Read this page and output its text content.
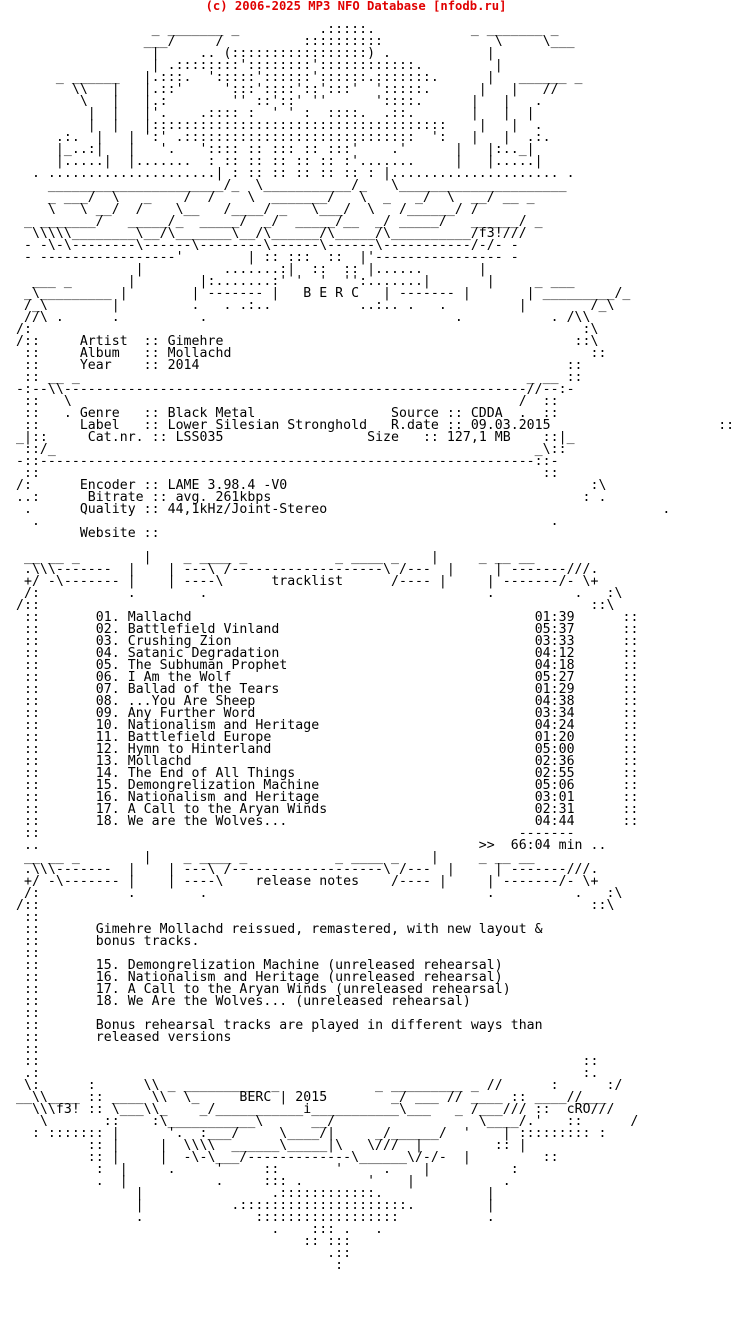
(c) 2006-2025 MP3 NFO Database [nfodb.ru]
_ _______ _          .:::::.            _ _______ _
___/     /          ::::::::::              \     \___
|     .. (:::::::::::::::::) .            |
| .::::::::'::::::::'::::::::::::.         |
_ ______   |.:::.  ':::::'::::::'::::::.:::::::.      |   ______ _
\\   |   |.::'     ':::'::::'::':::'  ':::::.      |   |   //
\   |   |.:        '' ::'::' ''      '::::.      |   |   .
|  |   |'.    .:::: :  ' ' :  ::::.  .::.       |   |  |
|  |   |:::::::::::::::::::::::::::::::::::::    |   |  .
.:.  |   | ':' .:::::::::::::::::::::::::::::  ':   |   |  .:.
|_..:|   |   '.   ':::: :: ::: :: :::'    .'      |   |:.._|
|.....|  |.......  : :: :: :: :: :: :'.......     |   |.....|
. .....................| : :: :: :: :: :: : |..................... .
______________________/_  \___________/_   \_____________________
_ ___/  \   _    /  /    \  _______/   \  _   _/  \  __/ __ _
\   \ __/  /    \__   /____/ _   \___/  \   /______/ /
_ _______/   _____/_  _____/  _/  _____/__  _/ _____/   ______/ _
\\\\\________\__/\_______\__/\______/\_____/\__________/f3!///
- -\-\--------\------\--------\------\------\-----------/-/- -
- -----------------'        | :: :::  ::  |'---------------- -
|          .......:|  ::  :: |......       |
___ _       |        |:.......:' '  '  '':.......|       |     _ ___
_\_________ |        | ------- |   B E R C   | ------- |       | _________/_
/_\        |         .   . .:..           ..:.. .   .         |        /_\
//\ .      .          .                               .           . /\\
/:                                                                     :\
/::     Artist  :: Gimehre                                            ::\
::     Album   :: Mollachd                                             ::
::     Year    :: 2014                                              ::
:: __ _                                                        _ __ ::
-:--\\----------------------------------------------------------//--:-
::   \                                                        /  ::
::   . Genre   :: Black Metal                 Source :: CDDA  .  ::
::     Label   :: Lower Silesian Stronghold   R.date :: 09.03.2015                     ::
_|::     Cat.nr. :: LSS035                  Size   :: 127,1 MB    ::|_
::/_                                                            _\::
-::--------------------------------------------------------------::-
::                                                               ::
/:      Encoder :: LAME 3.98.4 -V0                                      :\
..:      Bitrate :: avg. 261kbps                                       : .
.      Quality :: 44,1kHz/Joint-Stereo                                          .
.                                                                .
Website ::
__ __ _        |    _ ____ _           _ ____ _    |     _ __ __
.\\\-------  |    | ---\ /-------------------\ /---  |     | -------///.
+/ -\------- |    | ----\      tracklist      /---- |     | -------/- \+
/:           .        .                                   .          .   :\
/::                                                                     ::\
::       01. Mallachd	01:39      ::
::       02. Battlefield Vinland	05:37      ::
::       03. Crushing Zion	03:33      ::
::       04. Satanic Degradation	04:12      ::
::       05. The Subhuman Prophet	04:18      ::
::       06. I Am the Wolf	05:27      ::
::       07. Ballad of the Tears	01:29      ::
::       08. ...You Are Sheep	04:38      ::
::       09. Any Further Word	03:34      ::
::       10. Nationalism and Heritage	04:24      ::
::       11. Battlefield Europe	01:20      ::
::       12. Hymn to Hinterland	05:00      ::
::       13. Mollachd	02:36      ::
::       14. The End of All Things	02:55      ::
::       15. Demongrelization Machine	05:06      ::
::       16. Nationalism and Heritage	03:01      ::
::       17. A Call to the Aryan Winds	02:31      ::
::       18. We are the Wolves...	04:44      ::
::                                                            -------
..                                                       >>  66:04 min ..
__ __ _        |    _ ____ _           _ ____ _    |     _ __ __
.\\\-------  |    | ---\ /-------------------\ /---  |     | -------///.
+/ -\------- |    | ----\    release notes    /---- |     | -------/- \+
/:           .        .                                   .          .   :\
/::                                                                     ::\
::
::       Gimehre Mollachd reissued, remastered, with new layout &
::       bonus tracks.
::
::       15. Demongrelization Machine (unreleased rehearsal)
::       16. Nationalism and Heritage (unreleased rehearsal)
::       17. A Call to the Aryan Winds (unreleased rehearsal)
::       18. We Are the Wolves... (unreleased rehearsal)
::
::       Bonus rehearsal tracks are played in different ways than
::       released versions
::
::                                                                    ::
.:                                                                    :.
\:      :      \\ _ _________  _            _ _________ _ //      :      :/
__\\____ :: ____ \\  \_     BERC | 2015        _/ ___ // ____ :: ____//___
\\\f3! :: \___\\_    _/___________i___________\___   _ /___/// ::  cRO///
\       ::    :\___________\      __/                  \____/.'   ::      /
: ::::::: |      '.  :___/     \____/|     _/______/  '    | ::::::::: :
:: |     |  \\\\  ______\_____|\   \///  |         :: |
:: |     |  -\-\___/-------------\______\/-/-  |         ::
:  |     .     '     ::       '     .    |          :
.  |           .     ::: .        '    |           .
|                .::::::::::::.             |
|           .:::::::::::::::::::::.         |
.              ::::::::::::::::::           .
.    ::: .   .
:: :::
.::
:
